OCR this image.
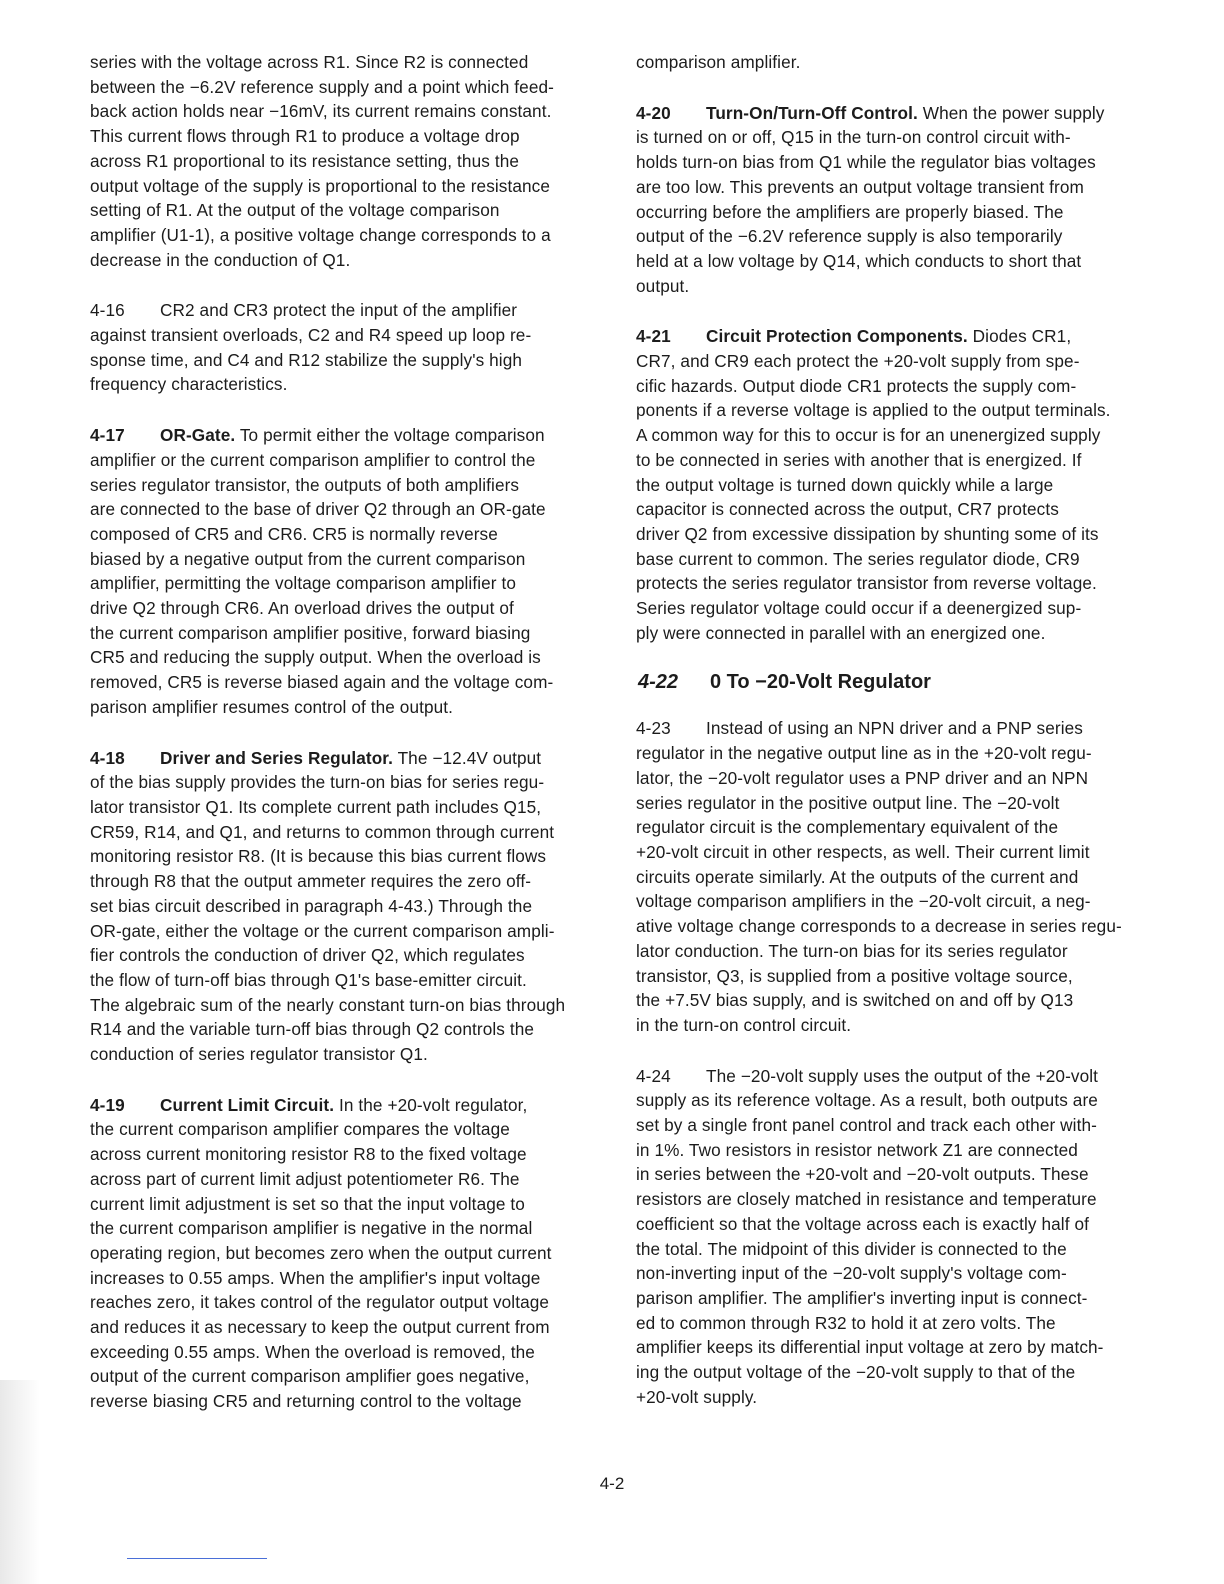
series with the voltage across R1. Since R2 is connected
between the −6.2V reference supply and a point which feed-
back action holds near −16mV, its current remains constant.
This current flows through R1 to produce a voltage drop
across R1 proportional to its resistance setting, thus the
output voltage of the supply is proportional to the resistance
setting of R1. At the output of the voltage comparison
amplifier (U1-1), a positive voltage change corresponds to a
decrease in the conduction of Q1.

4-16 CR2 and CR3 protect the input of the amplifier
against transient overloads, C2 and R4 speed up loop re-
sponse time, and C4 and R12 stabilize the supply's high
frequency characteristics.

4-17 OR-Gate. To permit either the voltage comparison
amplifier or the current comparison amplifier to control the
series regulator transistor, the outputs of both amplifiers
are connected to the base of driver Q2 through an OR-gate
composed of CR5 and CR6. CR5 is normally reverse
biased by a negative output from the current comparison
amplifier, permitting the voltage comparison amplifier to
drive Q2 through CR6. An overload drives the output of
the current comparison amplifier positive, forward biasing
CR5 and reducing the supply output. When the overload is
removed, CR5 is reverse biased again and the voltage com-
parison amplifier resumes control of the output.

4-18 Driver and Series Regulator. The −12.4V output
of the bias supply provides the turn-on bias for series regu-
lator transistor Q1. Its complete current path includes Q15,
CR59, R14, and Q1, and returns to common through current
monitoring resistor R8. (It is because this bias current flows
through R8 that the output ammeter requires the zero off-
set bias circuit described in paragraph 4-43.) Through the
OR-gate, either the voltage or the current comparison ampli-
fier controls the conduction of driver Q2, which regulates
the flow of turn-off bias through Q1's base-emitter circuit.
The algebraic sum of the nearly constant turn-on bias through
R14 and the variable turn-off bias through Q2 controls the
conduction of series regulator transistor Q1.

4-19 Current Limit Circuit. In the +20-volt regulator,
the current comparison amplifier compares the voltage
across current monitoring resistor R8 to the fixed voltage
across part of current limit adjust potentiometer R6. The
current limit adjustment is set so that the input voltage to
the current comparison amplifier is negative in the normal
operating region, but becomes zero when the output current
increases to 0.55 amps. When the amplifier's input voltage
reaches zero, it takes control of the regulator output voltage
and reduces it as necessary to keep the output current from
exceeding 0.55 amps. When the overload is removed, the
output of the current comparison amplifier goes negative,
reverse biasing CR5 and returning control to the voltage

comparison amplifier.

4-20 Turn-On/Turn-Off Control. When the power supply
is turned on or off, Q15 in the turn-on control circuit with-
holds turn-on bias from Q1 while the regulator bias voltages
are too low. This prevents an output voltage transient from
occurring before the amplifiers are properly biased. The
output of the −6.2V reference supply is also temporarily
held at a low voltage by Q14, which conducts to short that
output.

4-21 Circuit Protection Components. Diodes CR1,
CR7, and CR9 each protect the +20-volt supply from spe-
cific hazards. Output diode CR1 protects the supply com-
ponents if a reverse voltage is applied to the output terminals.
A common way for this to occur is for an unenergized supply
to be connected in series with another that is energized. If
the output voltage is turned down quickly while a large
capacitor is connected across the output, CR7 protects
driver Q2 from excessive dissipation by shunting some of its
base current to common. The series regulator diode, CR9
protects the series regulator transistor from reverse voltage.
Series regulator voltage could occur if a deenergized sup-
ply were connected in parallel with an energized one.

4-22 0 To −20-Volt Regulator

4-23 Instead of using an NPN driver and a PNP series
regulator in the negative output line as in the +20-volt regu-
lator, the −20-volt regulator uses a PNP driver and an NPN
series regulator in the positive output line. The −20-volt
regulator circuit is the complementary equivalent of the
+20-volt circuit in other respects, as well. Their current limit
circuits operate similarly. At the outputs of the current and
voltage comparison amplifiers in the −20-volt circuit, a neg-
ative voltage change corresponds to a decrease in series regu-
lator conduction. The turn-on bias for its series regulator
transistor, Q3, is supplied from a positive voltage source,
the +7.5V bias supply, and is switched on and off by Q13
in the turn-on control circuit.

4-24 The −20-volt supply uses the output of the +20-volt
supply as its reference voltage. As a result, both outputs are
set by a single front panel control and track each other with-
in 1%. Two resistors in resistor network Z1 are connected
in series between the +20-volt and −20-volt outputs. These
resistors are closely matched in resistance and temperature
coefficient so that the voltage across each is exactly half of
the total. The midpoint of this divider is connected to the
non-inverting input of the −20-volt supply's voltage com-
parison amplifier. The amplifier's inverting input is connect-
ed to common through R32 to hold it at zero volts. The
amplifier keeps its differential input voltage at zero by match-
ing the output voltage of the −20-volt supply to that of the
+20-volt supply.

4-2
